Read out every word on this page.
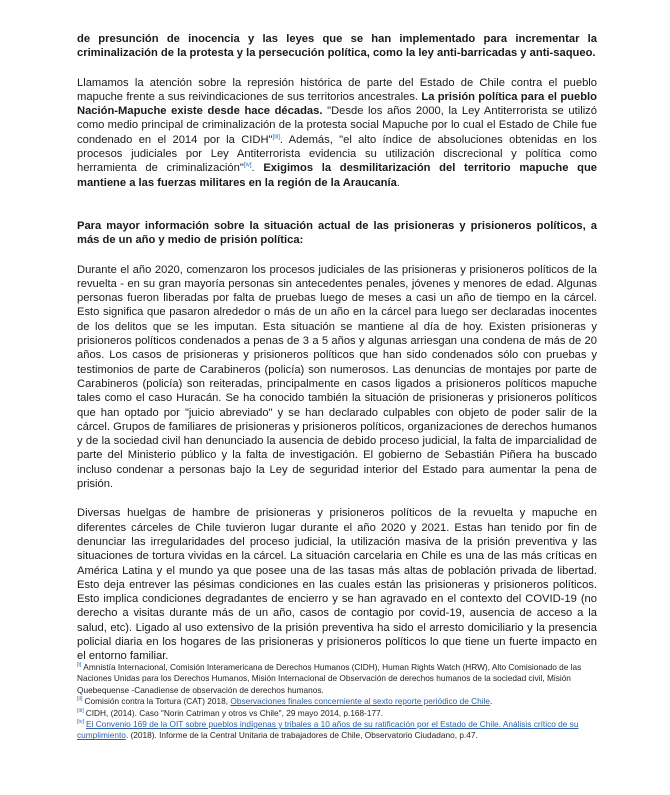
de presunción de inocencia y las leyes que se han implementado para incrementar la criminalización de la protesta y la persecución política, como la ley anti-barricadas y anti-saqueo.

Llamamos la atención sobre la represión histórica de parte del Estado de Chile contra el pueblo mapuche frente a sus reivindicaciones de sus territorios ancestrales. La prisión política para el pueblo Nación-Mapuche existe desde hace décadas. "Desde los años 2000, la Ley Antiterrorista se utilizó como medio principal de criminalización de la protesta social Mapuche por lo cual el Estado de Chile fue condenado en el 2014 por la CIDH"[iii]. Además, "el alto índice de absoluciones obtenidas en los procesos judiciales por Ley Antiterrorista evidencia su utilización discrecional y política como herramienta de criminalización"[iv]. Exigimos la desmilitarización del territorio mapuche que mantiene a las fuerzas militares en la región de la Araucanía.

Para mayor información sobre la situación actual de las prisioneras y prisioneros políticos, a más de un año y medio de prisión política:

Durante el año 2020, comenzaron los procesos judiciales de las prisioneras y prisioneros políticos de la revuelta - en su gran mayoría personas sin antecedentes penales, jóvenes y menores de edad. Algunas personas fueron liberadas por falta de pruebas luego de meses a casi un año de tiempo en la cárcel. Esto significa que pasaron alrededor o más de un año en la cárcel para luego ser declaradas inocentes de los delitos que se les imputan. Esta situación se mantiene al día de hoy. Existen prisioneras y prisioneros políticos condenados a penas de 3 a 5 años y algunas arriesgan una condena de más de 20 años. Los casos de prisioneras y prisioneros políticos que han sido condenados sólo con pruebas y testimonios de parte de Carabineros (policía) son numerosos. Las denuncias de montajes por parte de Carabineros (policía) son reiteradas, principalmente en casos ligados a prisioneros políticos mapuche tales como el caso Huracán. Se ha conocido también la situación de prisioneras y prisioneros políticos que han optado por "juicio abreviado" y se han declarado culpables con objeto de poder salir de la cárcel. Grupos de familiares de prisioneras y prisioneros políticos, organizaciones de derechos humanos y de la sociedad civil han denunciado la ausencia de debido proceso judicial, la falta de imparcialidad de parte del Ministerio público y la falta de investigación. El gobierno de Sebastián Piñera ha buscado incluso condenar a personas bajo la Ley de seguridad interior del Estado para aumentar la pena de prisión.

Diversas huelgas de hambre de prisioneras y prisioneros políticos de la revuelta y mapuche en diferentes cárceles de Chile tuvieron lugar durante el año 2020 y 2021. Estas han tenido por fin de denunciar las irregularidades del proceso judicial, la utilización masiva de la prisión preventiva y las situaciones de tortura vividas en la cárcel. La situación carcelaria en Chile es una de las más críticas en América Latina y el mundo ya que posee una de las tasas más altas de población privada de libertad. Esto deja entrever las pésimas condiciones en las cuales están las prisioneras y prisioneros políticos. Esto implica condiciones degradantes de encierro y se han agravado en el contexto del COVID-19 (no derecho a visitas durante más de un año, casos de contagio por covid-19, ausencia de acceso a la salud, etc). Ligado al uso extensivo de la prisión preventiva ha sido el arresto domiciliario y la presencia policial diaria en los hogares de las prisioneras y prisioneros políticos lo que tiene un fuerte impacto en el entorno familiar.

[i] Amnistía Internacional, Comisión Interamericana de Derechos Humanos (CIDH), Human Rights Watch (HRW), Alto Comisionado de las Naciones Unidas para los Derechos Humanos, Misión Internacional de Observación de derechos humanos de la sociedad civil, Misión Quebequense -Canadiense de observación de derechos humanos.

[ii] Comisión contra la Tortura (CAT) 2018, Observaciones finales concerniente al sexto reporte periódico de Chile.

[iii] CIDH, (2014). Caso "Norin Catriman y otros vs Chile", 29 mayo 2014, p.168-177.

[iv] El Convenio 169 de la OIT sobre pueblos indígenas y tribales a 10 años de su ratificación por el Estado de Chile. Análisis crítico de su cumplimiento. (2018). Informe de la Central Unitaria de trabajadores de Chile, Observatorio Ciudadano, p.47.
